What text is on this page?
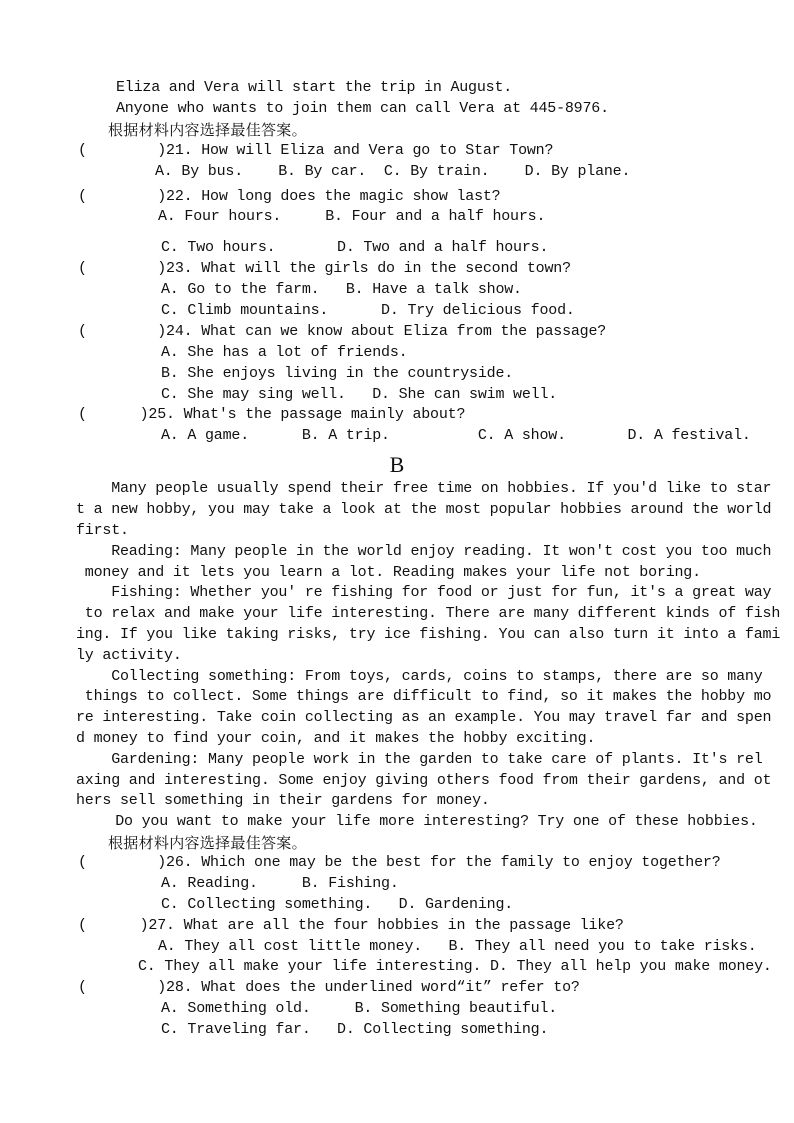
Eliza and Vera will start the trip in August.
Anyone who wants to join them can call Vera at 445-8976.
根据材料内容选择最佳答案。
(        )21. How will Eliza and Vera go to Star Town?
A. By bus.    B. By car.  C. By train.    D. By plane.
(        )22. How long does the magic show last?
A. Four hours.     B. Four and a half hours.
C. Two hours.       D. Two and a half hours.
(        )23. What will the girls do in the second town?
A. Go to the farm.   B. Have a talk show.
C. Climb mountains.      D. Try delicious food.
(        )24. What can we know about Eliza from the passage?
A. She has a lot of friends.
B. She enjoys living in the countryside.
C. She may sing well.   D. She can swim well.
(      )25. What's the passage mainly about?
A. A game.      B. A trip.          C. A show.       D. A festival.
B
Many people usually spend their free time on hobbies. If you'd like to star
t a new hobby, you may take a look at the most popular hobbies around the world
first.
Reading: Many people in the world enjoy reading. It won't cost you too much
money and it lets you learn a lot. Reading makes your life not boring.
Fishing: Whether you' re fishing for food or just for fun, it's a great way
to relax and make your life interesting. There are many different kinds of fish
ing. If you like taking risks, try ice fishing. You can also turn it into a fami
ly activity.
Collecting something: From toys, cards, coins to stamps, there are so many
things to collect. Some things are difficult to find, so it makes the hobby mo
re interesting. Take coin collecting as an example. You may travel far and spen
d money to find your coin, and it makes the hobby exciting.
Gardening: Many people work in the garden to take care of plants. It's rel
axing and interesting. Some enjoy giving others food from their gardens, and ot
hers sell something in their gardens for money.
Do you want to make your life more interesting? Try one of these hobbies.
根据材料内容选择最佳答案。
(        )26. Which one may be the best for the family to enjoy together?
A. Reading.     B. Fishing.
C. Collecting something.   D. Gardening.
(      )27. What are all the four hobbies in the passage like?
A. They all cost little money.   B. They all need you to take risks.
C. They all make your life interesting. D. They all help you make money.
(        )28. What does the underlined word“it” refer to?
A. Something old.     B. Something beautiful.
C. Traveling far.   D. Collecting something.
